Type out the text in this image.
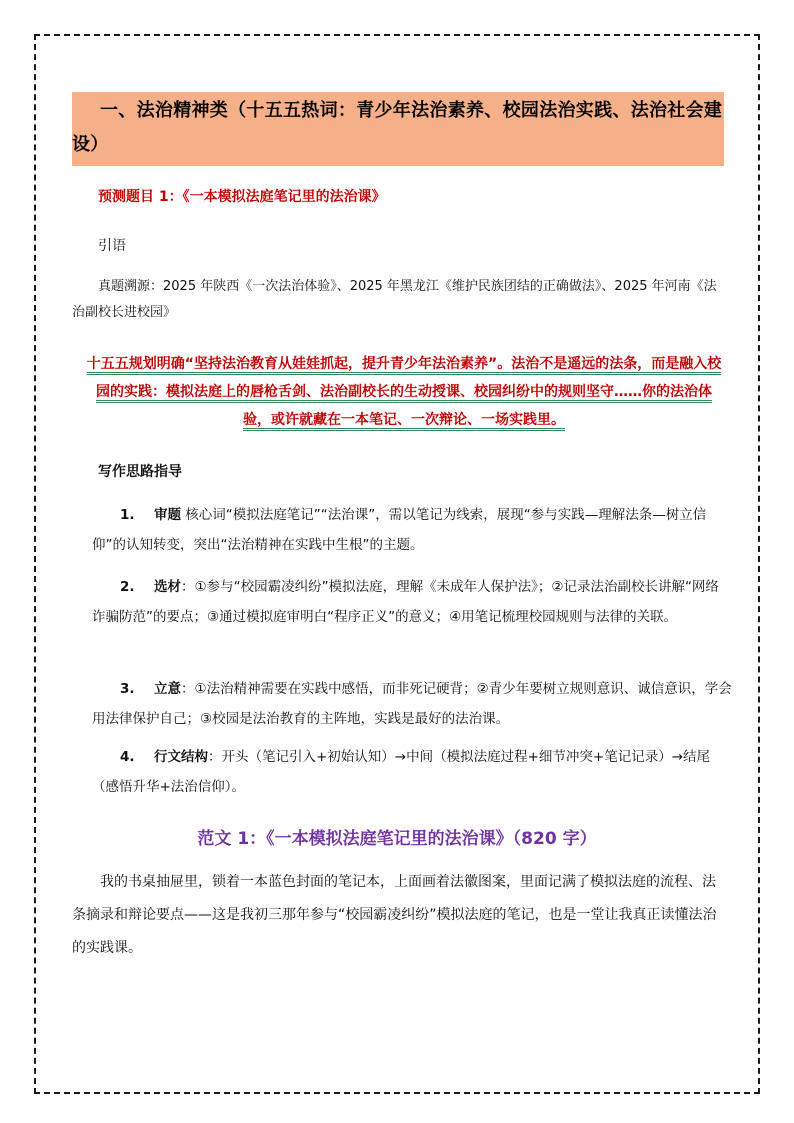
一、法治精神类（十五五热词：青少年法治素养、校园法治实践、法治社会建设）
预测题目 1：《一本模拟法庭笔记里的法治课》
引语
真题溯源：2025 年陕西《一次法治体验》、2025 年黑龙江《维护民族团结的正确做法》、2025 年河南《法治副校长进校园》
十五五规划明确“坚持法治教育从娃娃抓起，提升青少年法治素养”。法治不是遥远的法条，而是融入校园的实践：模拟法庭上的唇枪舌剑、法治副校长的生动授课、校园纠纷中的规则坚守……你的法治体验，或许就藏在一本笔记、一次辩论、一场实践里。
写作思路指导
1. 审题 核心词“模拟法庭笔记”“法治课”，需以笔记为线索，展现“参与实践—理解法条—树立信仰”的认知转变，突出“法治精神在实践中生根”的主题。
2. 选材：①参与“校园霸凌纠纷”模拟法庭，理解《未成年人保护法》；②记录法治副校长讲解“网络诈骗防范”的要点；③通过模拟庭审明白“程序正义”的意义；④用笔记梳理校园规则与法律的关联。
3. 立意：①法治精神需要在实践中感悟，而非死记硬背；②青少年要树立规则意识、诚信意识，学会用法律保护自己；③校园是法治教育的主阵地，实践是最好的法治课。
4. 行文结构：开头（笔记引入+初始认知）→中间（模拟法庭过程+细节冲突+笔记记录）→结尾（感悟升华+法治信仰）。
范文 1：《一本模拟法庭笔记里的法治课》（820 字）
我的书桌抽屉里，锁着一本蓝色封面的笔记本，上面画着法徽图案，里面记满了模拟法庭的流程、法条摘录和辩论要点——这是我初三那年参与“校园霸凌纠纷”模拟法庭的笔记，也是一堂让我真正读懂法治的实践课。
